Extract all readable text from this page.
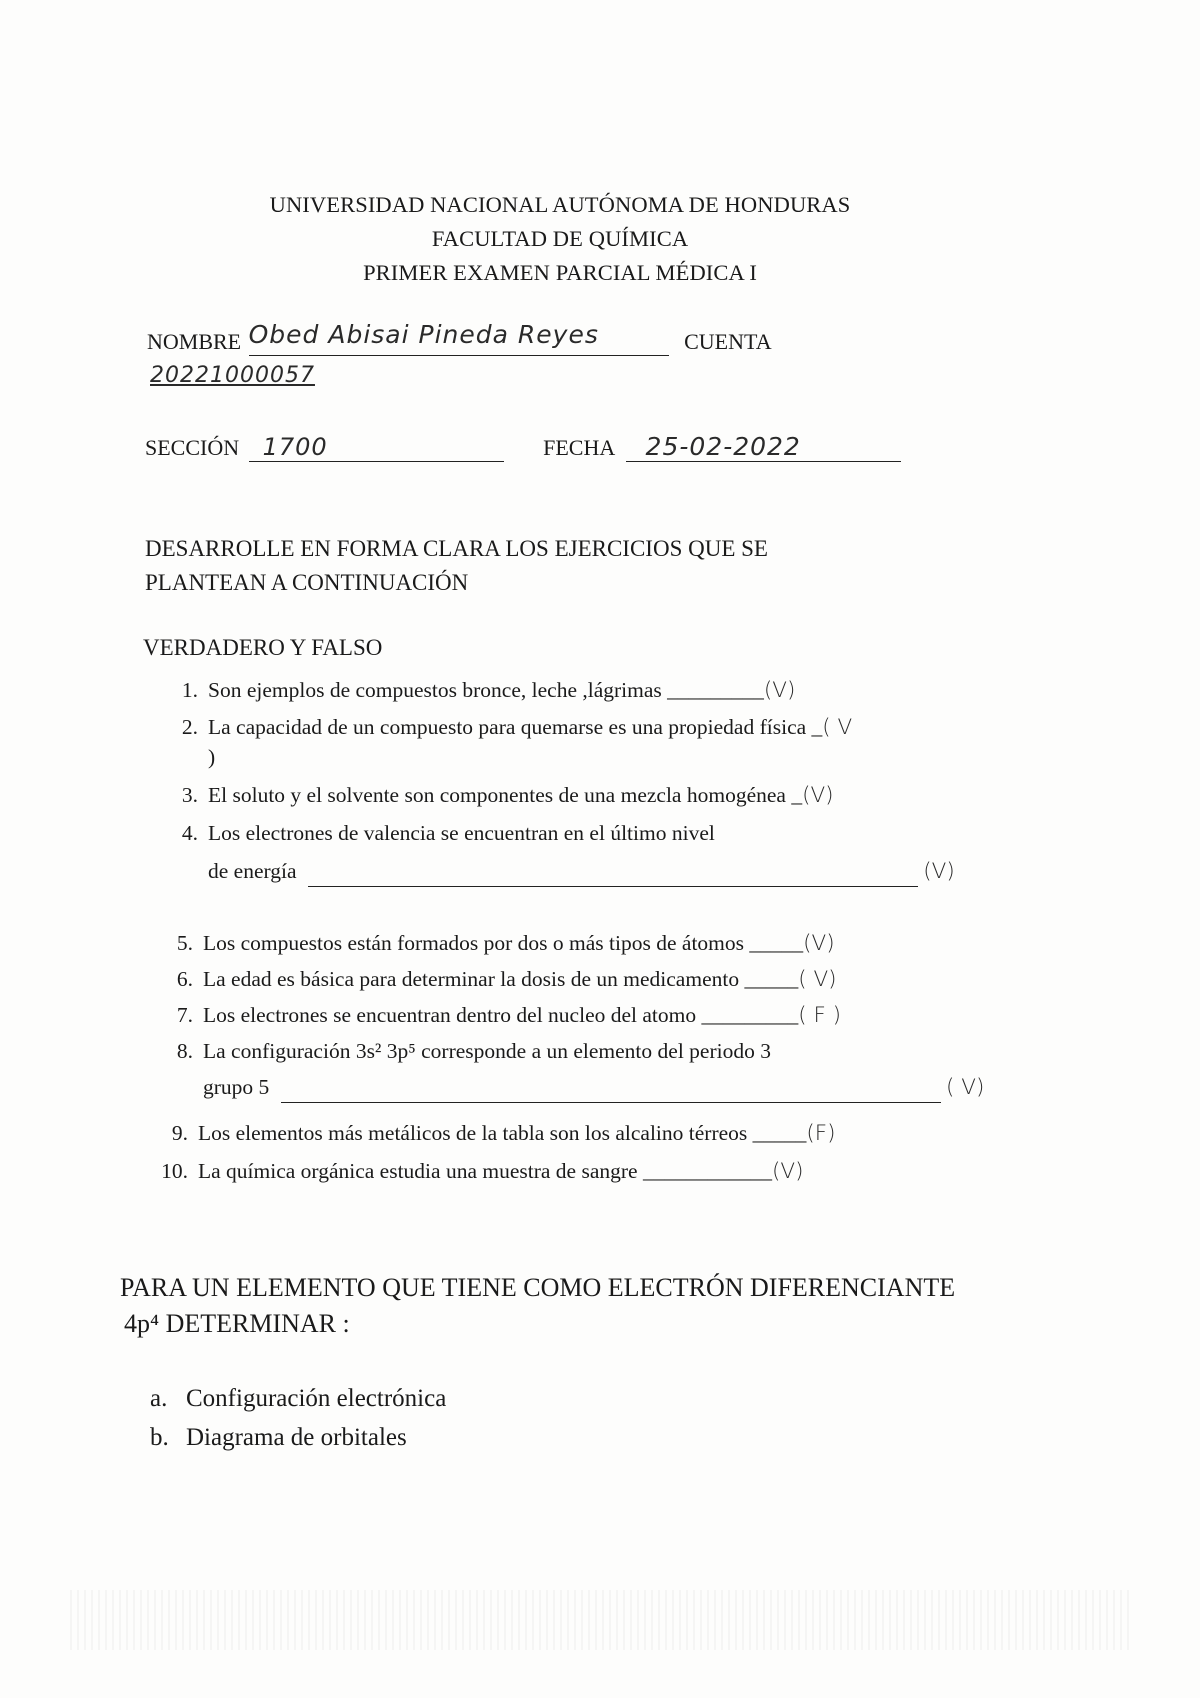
UNIVERSIDAD NACIONAL AUTÓNOMA DE HONDURAS
FACULTAD DE QUÍMICA
PRIMER EXAMEN PARCIAL MÉDICA I
NOMBRE Obed Abisai Pineda Reyes	CUENTA
20221000057
SECCIÓN 1700	FECHA 25-02-2022
DESARROLLE EN FORMA CLARA LOS EJERCICIOS QUE SE
PLANTEAN A CONTINUACIÓN
VERDADERO Y FALSO
1. Son ejemplos de compuestos bronce, leche ,lágrimas _________(V)
2. La capacidad de un compuesto para quemarse es una propiedad física _( V
)
3. El soluto y el solvente son componentes de una mezcla homogénea _(V)
4. Los electrones de valencia se encuentran en el último nivel
de energía	(V)
5. Los compuestos están formados por dos o más tipos de átomos _____(V)
6. La edad es básica para determinar la dosis de un medicamento _____( V)
7. Los electrones se encuentran dentro del nucleo del atomo _________( F )
8. La configuración 3s² 3p⁵ corresponde a un elemento del periodo 3
grupo 5	( V)
9. Los elementos más metálicos de la tabla son los alcalino térreos _____(F)
10. La química orgánica estudia una muestra de sangre ____________(V)
PARA UN ELEMENTO QUE TIENE COMO ELECTRÓN DIFERENCIANTE
4p⁴ DETERMINAR :
a. Configuración electrónica
b. Diagrama de orbitales
